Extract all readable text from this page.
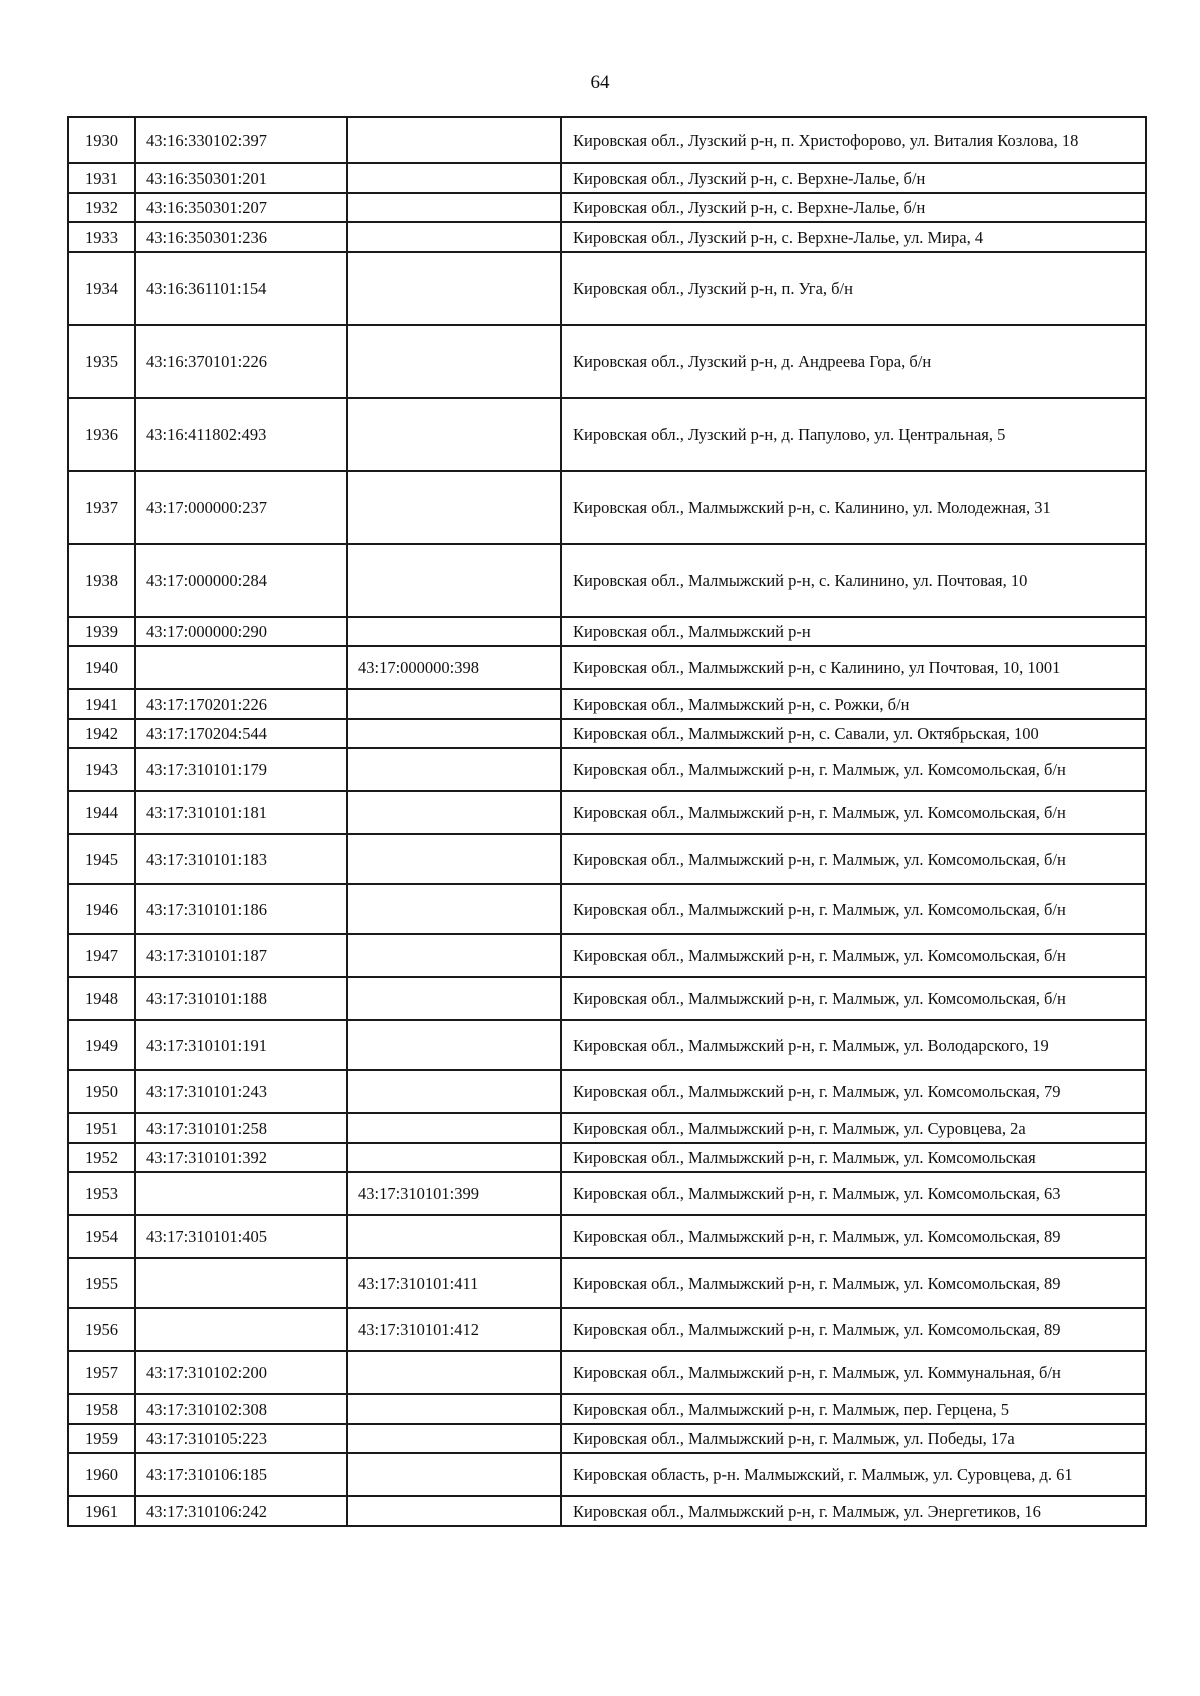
64
1930	43:16:330102:397		Кировская обл., Лузский р-н, п. Христофорово, ул. Виталия Козлова, 18
1931	43:16:350301:201		Кировская обл., Лузский р-н, с. Верхне-Лалье, б/н
1932	43:16:350301:207		Кировская обл., Лузский р-н, с. Верхне-Лалье, б/н
1933	43:16:350301:236		Кировская обл., Лузский р-н, с. Верхне-Лалье, ул. Мира, 4
1934	43:16:361101:154		Кировская обл., Лузский р-н, п. Уга, б/н
1935	43:16:370101:226		Кировская обл., Лузский р-н, д. Андреева Гора, б/н
1936	43:16:411802:493		Кировская обл., Лузский р-н, д. Папулово, ул. Центральная, 5
1937	43:17:000000:237		Кировская обл., Малмыжский р-н, с. Калинино, ул. Молодежная, 31
1938	43:17:000000:284		Кировская обл., Малмыжский р-н, с. Калинино, ул. Почтовая, 10
1939	43:17:000000:290		Кировская обл., Малмыжский р-н
1940		43:17:000000:398	Кировская обл., Малмыжский р-н, с Калинино, ул Почтовая, 10, 1001
1941	43:17:170201:226		Кировская обл., Малмыжский р-н, с. Рожки, б/н
1942	43:17:170204:544		Кировская обл., Малмыжский р-н, с. Савали, ул. Октябрьская, 100
1943	43:17:310101:179		Кировская обл., Малмыжский р-н, г. Малмыж, ул. Комсомольская, б/н
1944	43:17:310101:181		Кировская обл., Малмыжский р-н, г. Малмыж, ул. Комсомольская, б/н
1945	43:17:310101:183		Кировская обл., Малмыжский р-н, г. Малмыж, ул. Комсомольская, б/н
1946	43:17:310101:186		Кировская обл., Малмыжский р-н, г. Малмыж, ул. Комсомольская, б/н
1947	43:17:310101:187		Кировская обл., Малмыжский р-н, г. Малмыж, ул. Комсомольская, б/н
1948	43:17:310101:188		Кировская обл., Малмыжский р-н, г. Малмыж, ул. Комсомольская, б/н
1949	43:17:310101:191		Кировская обл., Малмыжский р-н, г. Малмыж, ул. Володарского, 19
1950	43:17:310101:243		Кировская обл., Малмыжский р-н, г. Малмыж, ул. Комсомольская, 79
1951	43:17:310101:258		Кировская обл., Малмыжский р-н, г. Малмыж, ул. Суровцева, 2а
1952	43:17:310101:392		Кировская обл., Малмыжский р-н, г. Малмыж, ул. Комсомольская
1953		43:17:310101:399	Кировская обл., Малмыжский р-н, г. Малмыж, ул. Комсомольская, 63
1954	43:17:310101:405		Кировская обл., Малмыжский р-н, г. Малмыж, ул. Комсомольская, 89
1955		43:17:310101:411	Кировская обл., Малмыжский р-н, г. Малмыж, ул. Комсомольская, 89
1956		43:17:310101:412	Кировская обл., Малмыжский р-н, г. Малмыж, ул. Комсомольская, 89
1957	43:17:310102:200		Кировская обл., Малмыжский р-н, г. Малмыж, ул. Коммунальная, б/н
1958	43:17:310102:308		Кировская обл., Малмыжский р-н, г. Малмыж, пер. Герцена, 5
1959	43:17:310105:223		Кировская обл., Малмыжский р-н, г. Малмыж, ул. Победы, 17а
1960	43:17:310106:185		Кировская область, р-н. Малмыжский, г. Малмыж, ул. Суровцева, д. 61
1961	43:17:310106:242		Кировская обл., Малмыжский р-н, г. Малмыж, ул. Энергетиков, 16
